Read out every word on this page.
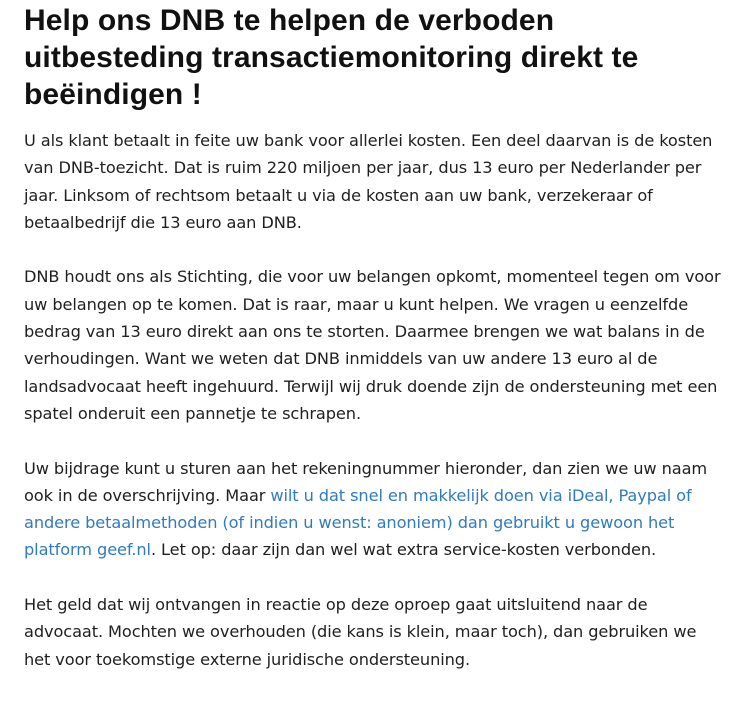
Help ons DNB te helpen de verboden uitbesteding transactiemonitoring direkt te beëindigen !

U als klant betaalt in feite uw bank voor allerlei kosten. Een deel daarvan is de kosten van DNB-toezicht. Dat is ruim 220 miljoen per jaar, dus 13 euro per Nederlander per jaar. Linksom of rechtsom betaalt u via de kosten aan uw bank, verzekeraar of betaalbedrijf die 13 euro aan DNB.

DNB houdt ons als Stichting, die voor uw belangen opkomt, momenteel tegen om voor uw belangen op te komen. Dat is raar, maar u kunt helpen. We vragen u eenzelfde bedrag van 13 euro direkt aan ons te storten. Daarmee brengen we wat balans in de verhoudingen. Want we weten dat DNB inmiddels van uw andere 13 euro al de landsadvocaat heeft ingehuurd. Terwijl wij druk doende zijn de ondersteuning met een spatel onderuit een pannetje te schrapen.

Uw bijdrage kunt u sturen aan het rekeningnummer hieronder, dan zien we uw naam ook in de overschrijving. Maar wilt u dat snel en makkelijk doen via iDeal, Paypal of andere betaalmethoden (of indien u wenst: anoniem) dan gebruikt u gewoon het platform geef.nl. Let op: daar zijn dan wel wat extra service-kosten verbonden.

Het geld dat wij ontvangen in reactie op deze oproep gaat uitsluitend naar de advocaat. Mochten we overhouden (die kans is klein, maar toch), dan gebruiken we het voor toekomstige externe juridische ondersteuning.
